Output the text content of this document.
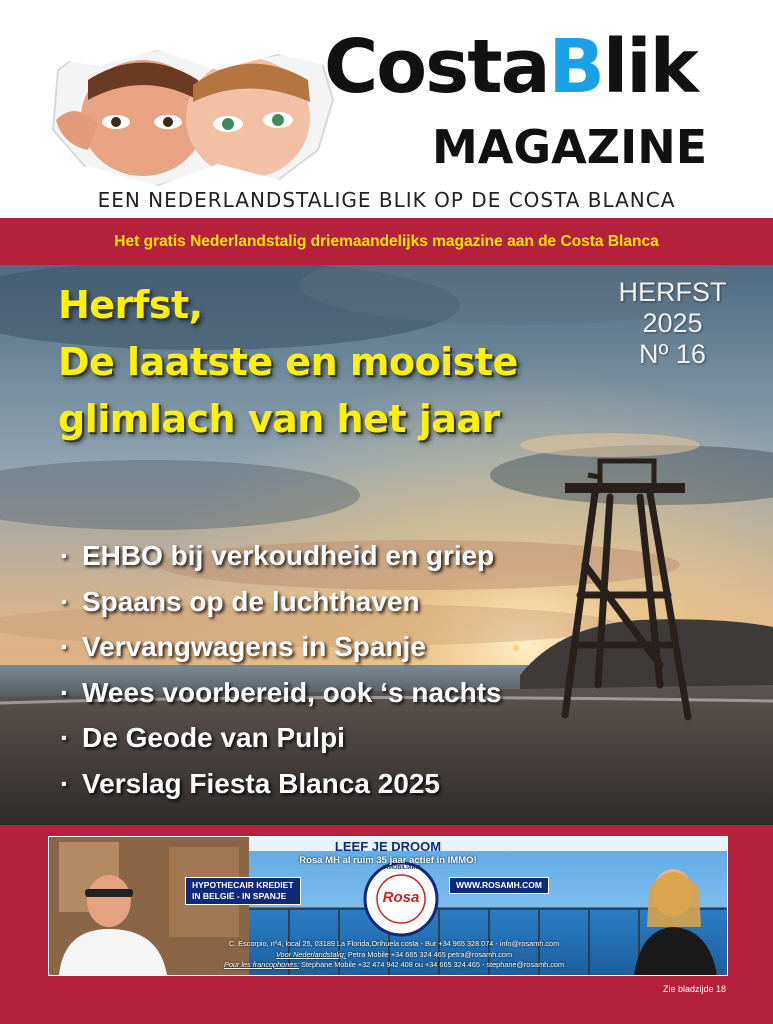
CostaBlik
MAGAZINE
EEN NEDERLANDSTALIGE BLIK OP DE COSTA BLANCA
Het gratis Nederlandstalig driemaandelijks magazine aan de Costa Blanca
Herfst,
De laatste en mooiste
glimlach van het jaar
HERFST
2025
Nº 16
· EHBO bij verkoudheid en griep
· Spaans op de luchthaven
· Vervangwagens in Spanje
· Wees voorbereid, ook ‘s nachts
· De Geode van Pulpi
· Verslag Fiesta Blanca 2025
LEEF JE DROOM
Rosa MH al ruim 35 jaar actief in IMMO!
HYPOTHECAIR KREDIET
IN BELGIË - IN SPANJE
INMOBILIARIA
Rosa
WWW.ROSAMH.COM
C. Escorpio, nº4, local 25, 03189 La Florida,Orihuela costa - Bur +34 965 328 074 - info@rosamh.com
Voor Nederlandstalig: Petra Mobile +34 665 324 465 petra@rosamh.com
Pour les francophones: Stephane Mobile +32 474 942 408 ou +34 665 324 465 - stephane@rosamh.com
Zie bladzijde 18
